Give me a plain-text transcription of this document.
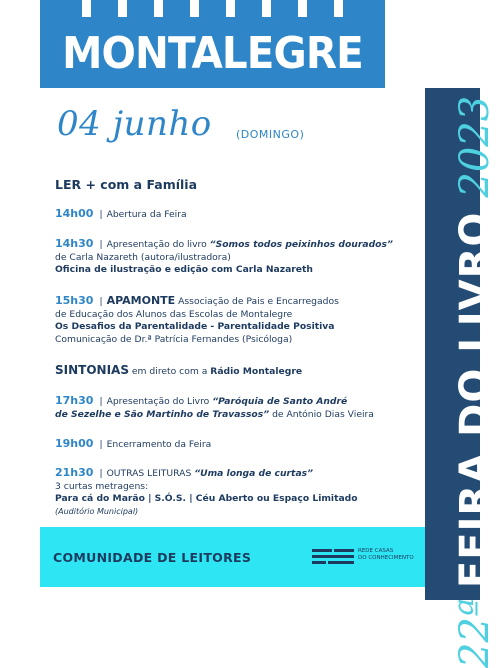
MONTALEGRE
22ª
FEIRA DO LIVRO
2023
04 junho (DOMINGO)
LER + com a Família
14h00 | Abertura da Feira
14h30 | Apresentação do livro “Somos todos peixinhos dourados”
de Carla Nazareth (autora/ilustradora)
Oficina de ilustração e edição com Carla Nazareth
15h30 | APAMONTE Associação de Pais e Encarregados
de Educação dos Alunos das Escolas de Montalegre
Os Desafios da Parentalidade - Parentalidade Positiva
Comunicação de Dr.ª Patrícia Fernandes (Psicóloga)
SINTONIAS em direto com a Rádio Montalegre
17h30 | Apresentação do Livro “Paróquia de Santo André
de Sezelhe e São Martinho de Travassos” de António Dias Vieira
19h00 | Encerramento da Feira
21h30 | OUTRAS LEITURAS “Uma longa de curtas”
3 curtas metragens:
Para cá do Marão | S.Ó.S. | Céu Aberto ou Espaço Limitado
(Auditório Municipal)
COMUNIDADE DE LEITORES	REDE CASAS
DO CONHECIMENTO
